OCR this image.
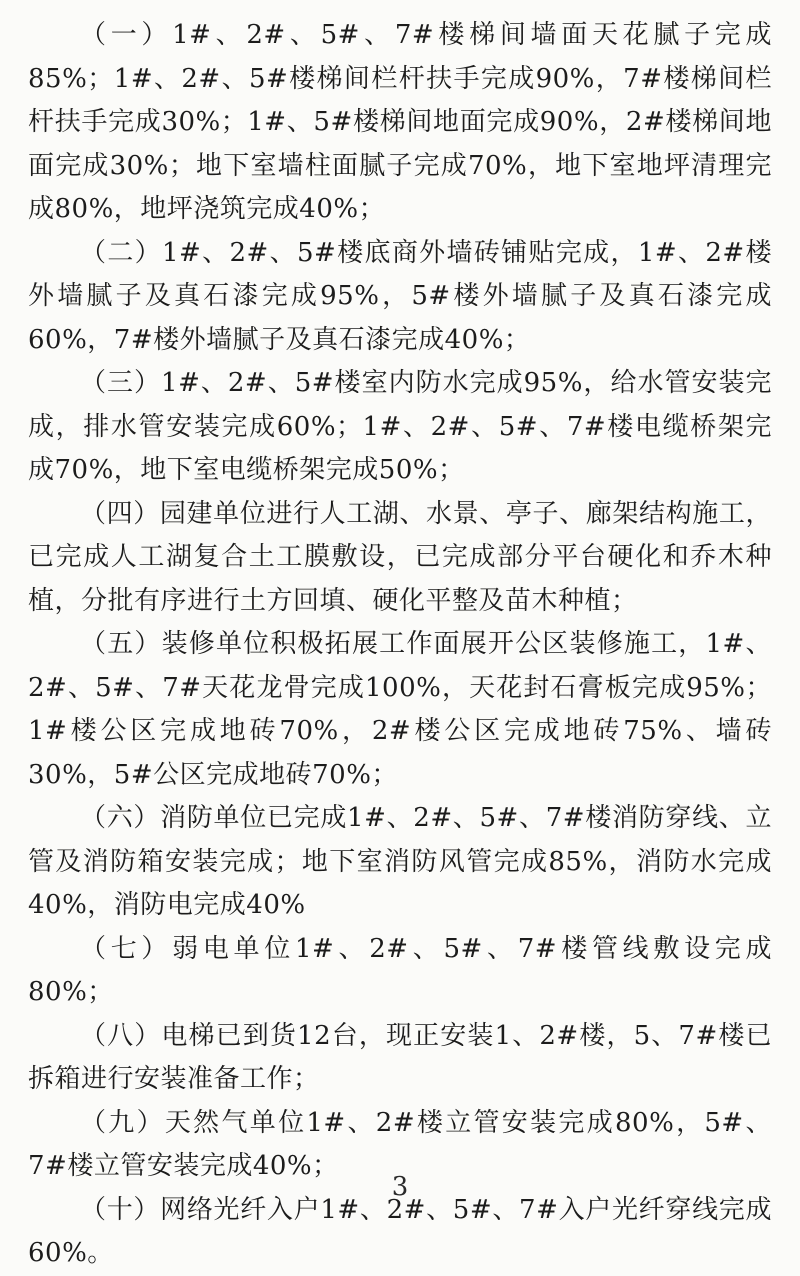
（一）1#、2#、5#、7#楼梯间墙面天花腻子完成85%；1#、2#、5#楼梯间栏杆扶手完成90%，7#楼梯间栏杆扶手完成30%；1#、5#楼梯间地面完成90%，2#楼梯间地面完成30%；地下室墙柱面腻子完成70%，地下室地坪清理完成80%，地坪浇筑完成40%；

（二）1#、2#、5#楼底商外墙砖铺贴完成，1#、2#楼外墙腻子及真石漆完成95%，5#楼外墙腻子及真石漆完成60%，7#楼外墙腻子及真石漆完成40%；

（三）1#、2#、5#楼室内防水完成95%，给水管安装完成，排水管安装完成60%；1#、2#、5#、7#楼电缆桥架完成70%，地下室电缆桥架完成50%；

（四）园建单位进行人工湖、水景、亭子、廊架结构施工，已完成人工湖复合土工膜敷设，已完成部分平台硬化和乔木种植，分批有序进行土方回填、硬化平整及苗木种植；

（五）装修单位积极拓展工作面展开公区装修施工，1#、2#、5#、7#天花龙骨完成100%，天花封石膏板完成95%；1#楼公区完成地砖70%，2#楼公区完成地砖75%、墙砖30%，5#公区完成地砖70%；

（六）消防单位已完成1#、2#、5#、7#楼消防穿线、立管及消防箱安装完成；地下室消防风管完成85%，消防水完成40%，消防电完成40%

（七）弱电单位1#、2#、5#、7#楼管线敷设完成80%；

（八）电梯已到货12台，现正安装1、2#楼，5、7#楼已拆箱进行安装准备工作；

（九）天然气单位1#、2#楼立管安装完成80%，5#、7#楼立管安装完成40%；

（十）网络光纤入户1#、2#、5#、7#入户光纤穿线完成60%。

3
